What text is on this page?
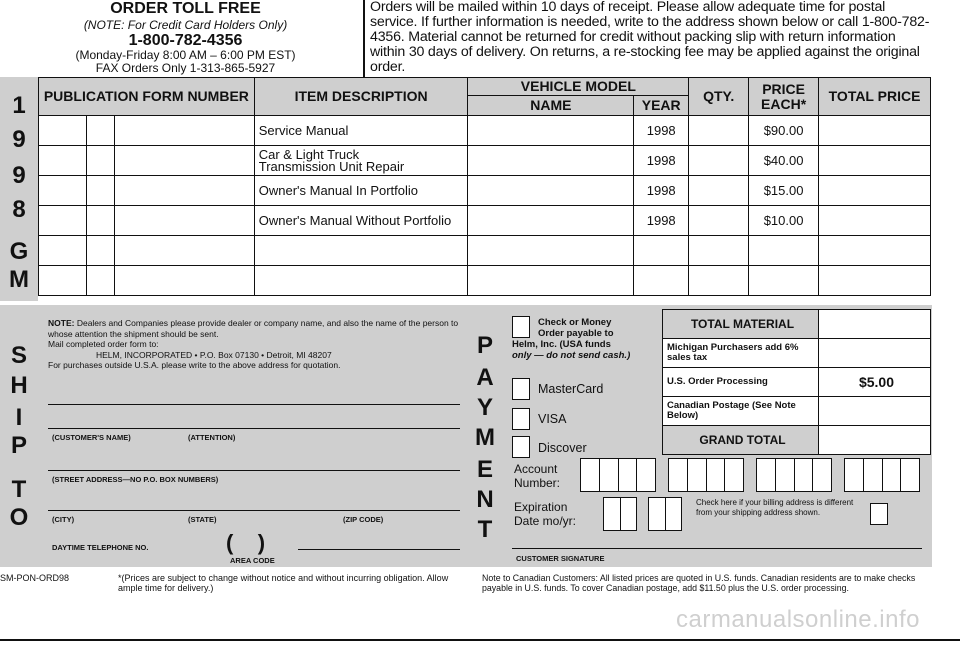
ORDER TOLL FREE
(NOTE: For Credit Card Holders Only)
1-800-782-4356
(Monday-Friday 8:00 AM – 6:00 PM EST)
FAX Orders Only 1-313-865-5927
Orders will be mailed within 10 days of receipt. Please allow adequate time for postal service. If further information is needed, write to the address shown below or call 1-800-782-4356. Material cannot be returned for credit without packing slip with return information within 30 days of delivery. On returns, a re-stocking fee may be applied against the original order.
1
9
9
8
G
M
PUBLICATION FORM NUMBER			ITEM DESCRIPTION	VEHICLE MODEL		QTY.	PRICE EACH*	TOTAL PRICE
				NAME	YEAR			

			Service Manual		1998		$90.00	

			Car & Light Truck
Transmission Unit Repair		1998		$40.00	

			Owner's Manual In Portfolio		1998		$15.00	

			Owner's Manual Without Portfolio		1998		$10.00	

S
H
I
P
T
O
NOTE: Dealers and Companies please provide dealer or company name, and also the name of the person to whose attention the shipment should be sent.
Mail completed order form to:
HELM, INCORPORATED • P.O. Box 07130 • Detroit, MI 48207
For purchases outside U.S.A. please write to the above address for quotation.
(CUSTOMER'S NAME)	(ATTENTION)
(STREET ADDRESS—NO P.O. BOX NUMBERS)
(CITY)	(STATE)	(ZIP CODE)
DAYTIME TELEPHONE NO.	(    )
AREA CODE
P
A
Y
M
E
N
T
Check or Money
Order payable to
Helm, Inc. (USA funds
only — do not send cash.)
MasterCard
VISA
Discover
Account
Number:
Expiration
Date mo/yr:
Check here if your billing address is different from your shipping address shown.
CUSTOMER SIGNATURE
TOTAL MATERIAL	
Michigan Purchasers add 6% sales tax	
U.S. Order Processing	$5.00
Canadian Postage (See Note Below)	
GRAND TOTAL	
SM-PON-ORD98	*(Prices are subject to change without notice and without incurring obligation. Allow ample time for delivery.)
Note to Canadian Customers: All listed prices are quoted in U.S. funds. Canadian residents are to make checks payable in U.S. funds. To cover Canadian postage, add $11.50 plus the U.S. order processing.
carmanualsonline.info
